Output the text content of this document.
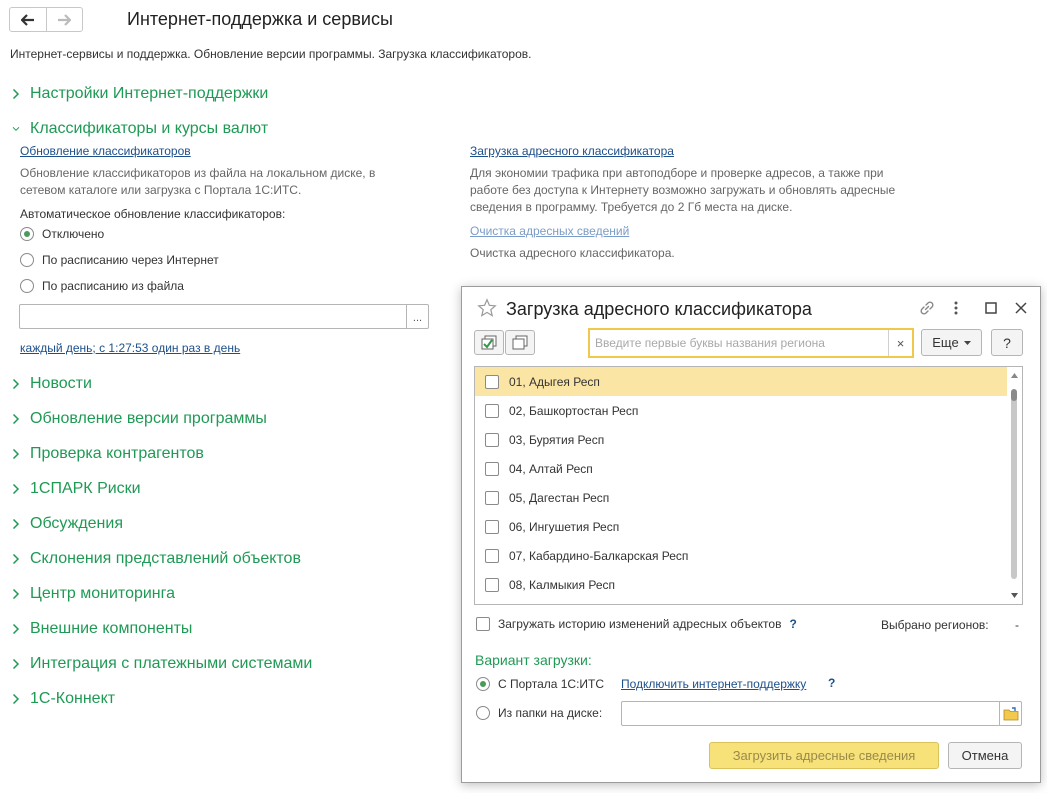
Интернет-поддержка и сервисы
Интернет-сервисы и поддержка. Обновление версии программы. Загрузка классификаторов.
Настройки Интернет-поддержки
Классификаторы и курсы валют
Обновление классификаторов
Обновление классификаторов из файла на локальном диске, в сетевом каталоге или загрузка с Портала 1С:ИТС.
Автоматическое обновление классификаторов:
Отключено
По расписанию через Интернет
По расписанию из файла
...
каждый день; с 1:27:53 один раз в день
Загрузка адресного классификатора
Для экономии трафика при автоподборе и проверке адресов, а также при работе без доступа к Интернету возможно загружать и обновлять адресные сведения в программу. Требуется до 2 Гб места на диске.
Очистка адресных сведений
Очистка адресного классификатора.
Новости
Обновление версии программы
Проверка контрагентов
1СПАРК Риски
Обсуждения
Склонения представлений объектов
Центр мониторинга
Внешние компоненты
Интеграция с платежными системами
1С-Коннект
Загрузка адресного классификатора
Введите первые буквы названия региона
×	Еще	?
01, Адыгея Респ
02, Башкортостан Респ
03, Бурятия Респ
04, Алтай Респ
05, Дагестан Респ
06, Ингушетия Респ
07, Кабардино-Балкарская Респ
08, Калмыкия Респ
Загружать историю изменений адресных объектов ?	Выбрано регионов: -
Вариант загрузки:
С Портала 1С:ИТС Подключить интернет-поддержку ?
Из папки на диске:
Загрузить адресные сведения	Отмена
